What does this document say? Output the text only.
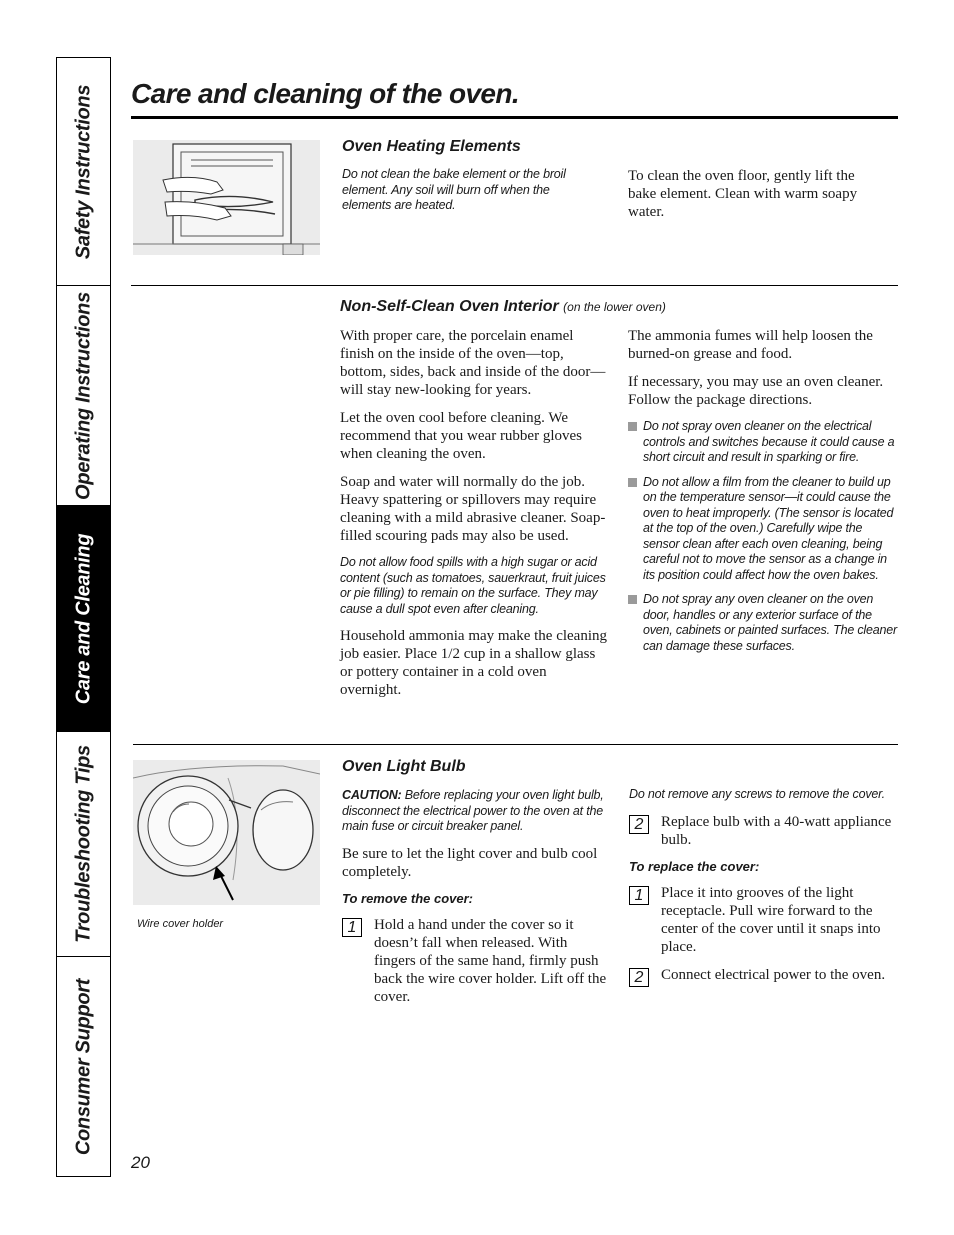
Safety Instructions
Operating Instructions
Care and Cleaning
Troubleshooting Tips
Consumer Support
Care and cleaning of the oven.
Oven Heating Elements

Do not clean the bake element or the broil element. Any soil will burn off when the elements are heated.

To clean the oven floor, gently lift the bake element. Clean with warm soapy water.

Non-Self-Clean Oven Interior (on the lower oven)

With proper care, the porcelain enamel finish on the inside of the oven—top, bottom, sides, back and inside of the door—will stay new-looking for years.

Let the oven cool before cleaning. We recommend that you wear rubber gloves when cleaning the oven.

Soap and water will normally do the job. Heavy spattering or spillovers may require cleaning with a mild abrasive cleaner. Soap-filled scouring pads may also be used.

Do not allow food spills with a high sugar or acid content (such as tomatoes, sauerkraut, fruit juices or pie filling) to remain on the surface. They may cause a dull spot even after cleaning.

Household ammonia may make the cleaning job easier. Place 1/2 cup in a shallow glass or pottery container in a cold oven overnight.

The ammonia fumes will help loosen the burned-on grease and food.

If necessary, you may use an oven cleaner. Follow the package directions.

Do not spray oven cleaner on the electrical controls and switches because it could cause a short circuit and result in sparking or fire.
Do not allow a film from the cleaner to build up on the temperature sensor—it could cause the oven to heat improperly. (The sensor is located at the top of the oven.) Carefully wipe the sensor clean after each oven cleaning, being careful not to move the sensor as a change in its position could affect how the oven bakes.
Do not spray any oven cleaner on the oven door, handles or any exterior surface of the oven, cabinets or painted surfaces. The cleaner can damage these surfaces.
Wire cover holder
Oven Light Bulb

CAUTION: Before replacing your oven light bulb, disconnect the electrical power to the oven at the main fuse or circuit breaker panel.

Be sure to let the light cover and bulb cool completely.

To remove the cover:

1	Hold a hand under the cover so it doesn’t fall when released. With fingers of the same hand, firmly push back the wire cover holder. Lift off the cover.

Do not remove any screws to remove the cover.

2	Replace bulb with a 40-watt appliance bulb.

To replace the cover:

1	Place it into grooves of the light receptacle. Pull wire forward to the center of the cover until it snaps into place.
2	Connect electrical power to the oven.
20
